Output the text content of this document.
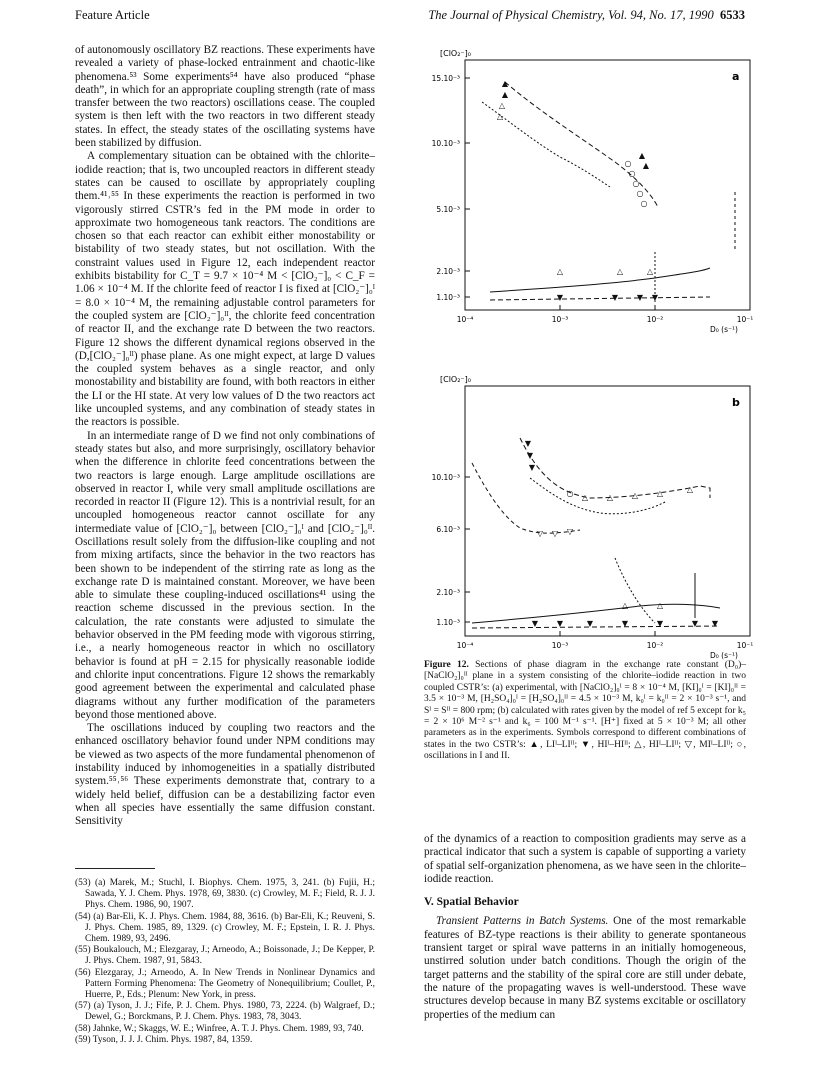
Feature Article	The Journal of Physical Chemistry, Vol. 94, No. 17, 1990 6533

of autonomously oscillatory BZ reactions. These experiments have revealed a variety of phase-locked entrainment and chaotic-like phenomena.⁵³ Some experiments⁵⁴ have also produced “phase death”, in which for an appropriate coupling strength (rate of mass transfer between the two reactors) oscillations cease. The coupled system is then left with the two reactors in two different steady states. In effect, the steady states of the oscillating systems have been stabilized by diffusion.

A complementary situation can be obtained with the chlorite–iodide reaction; that is, two uncoupled reactors in different steady states can be caused to oscillate by appropriately coupling them.⁴¹˒⁵⁵ In these experiments the reaction is performed in two vigorously stirred CSTR’s fed in the PM mode in order to approximate two homogeneous tank reactors. The conditions are chosen so that each reactor can exhibit either monostability or bistability of two steady states, but not oscillation. With the constraint values used in Figure 12, each independent reactor exhibits bistability for C_T = 9.7 × 10⁻⁴ M < [ClO₂⁻]₀ < C_F = 1.06 × 10⁻⁴ M. If the chlorite feed of reactor I is fixed at [ClO₂⁻]₀ᴵ = 8.0 × 10⁻⁴ M, the remaining adjustable control parameters for the coupled system are [ClO₂⁻]₀ᴵᴵ, the chlorite feed concentration of reactor II, and the exchange rate D between the two reactors. Figure 12 shows the different dynamical regions observed in the (D,[ClO₂⁻]₀ᴵᴵ) phase plane. As one might expect, at large D values the coupled system behaves as a single reactor, and only monostability and bistability are found, with both reactors in either the LI or the HI state. At very low values of D the two reactors act like uncoupled systems, and any combination of steady states in the reactors is possible.

In an intermediate range of D we find not only combinations of steady states but also, and more surprisingly, oscillatory behavior when the difference in chlorite feed concentrations between the two reactors is large enough. Large amplitude oscillations are observed in reactor I, while very small amplitude oscillations are recorded in reactor II (Figure 12). This is a nontrivial result, for an uncoupled homogeneous reactor cannot oscillate for any intermediate value of [ClO₂⁻]₀ between [ClO₂⁻]₀ᴵ and [ClO₂⁻]₀ᴵᴵ. Oscillations result solely from the diffusion-like coupling and not from mixing artifacts, since the behavior in the two reactors has been shown to be independent of the stirring rate as long as the exchange rate D is maintained constant. Moreover, we have been able to simulate these coupling-induced oscillations⁴¹ using the reaction scheme discussed in the previous section. In the calculation, the rate constants were adjusted to simulate the behavior observed in the PM feeding mode with vigorous stirring, i.e., a nearly homogeneous reactor in which no oscillatory behavior is found at pH = 2.15 for physically reasonable iodide and chlorite input concentrations. Figure 12 shows the remarkably good agreement between the experimental and calculated phase diagrams without any further modification of the parameters beyond those mentioned above.

The oscillations induced by coupling two reactors and the enhanced oscillatory behavior found under NPM conditions may be viewed as two aspects of the more fundamental phenomenon of instability induced by inhomogeneities in a spatially distributed system.⁵⁵˒⁵⁶ These experiments demonstrate that, contrary to a widely held belief, diffusion can be a destabilizing factor even when all species have essentially the same diffusion constant. Sensitivity

(53) (a) Marek, M.; Stuchl, I. Biophys. Chem. 1975, 3, 241. (b) Fujii, H.; Sawada, Y. J. Chem. Phys. 1978, 69, 3830. (c) Crowley, M. F.; Field, R. J. J. Phys. Chem. 1986, 90, 1907.

(54) (a) Bar-Eli, K. J. Phys. Chem. 1984, 88, 3616. (b) Bar-Eli, K.; Reuveni, S. J. Phys. Chem. 1985, 89, 1329. (c) Crowley, M. F.; Epstein, I. R. J. Phys. Chem. 1989, 93, 2496.

(55) Boukalouch, M.; Elezgaray, J.; Arneodo, A.; Boissonade, J.; De Kepper, P. J. Phys. Chem. 1987, 91, 5843.

(56) Elezgaray, J.; Arneodo, A. In New Trends in Nonlinear Dynamics and Pattern Forming Phenomena: The Geometry of Nonequilibrium; Coullet, P., Huerre, P., Eds.; Plenum: New York, in press.

(57) (a) Tyson, J. J.; Fife, P. J. Chem. Phys. 1980, 73, 2224. (b) Walgraef, D.; Dewel, G.; Borckmans, P. J. Chem. Phys. 1983, 78, 3043.

(58) Jahnke, W.; Skaggs, W. E.; Winfree, A. T. J. Phys. Chem. 1989, 93, 740.

(59) Tyson, J. J. J. Chim. Phys. 1987, 84, 1359.

[ClO₂⁻]₀
a
15.10⁻³
10.10⁻³
5.10⁻³
2.10⁻³
1.10⁻³
10⁻⁴	10⁻³	10⁻²	10⁻¹
D₀ (s⁻¹)
▲
▲
△
△
○
○
○
○
○
▲
▲
△	△	△
▼	▼ ▼ ▼
[ClO₂⁻]₀
b
10.10⁻³
6.10⁻³
2.10⁻³
1.10⁻³
10⁻⁴	10⁻³	10⁻²	10⁻¹
D₀ (s⁻¹)
▼
▼
▼
○ △ △ △ △	△
▽ ▽ ▽
▼ ▼	▼	▼	▼	▼ ▼
△	△
Figure 12. Sections of phase diagram in the exchange rate constant (D₀)–[NaClO₂]₀ᴵᴵ plane in a system consisting of the chlorite–iodide reaction in two coupled CSTR’s: (a) experimental, with [NaClO₂]₀ᴵ = 8 × 10⁻⁴ M, [KI]₀ᴵ = [KI]₀ᴵᴵ = 3.5 × 10⁻³ M, [H₂SO₄]₀ᴵ = [H₂SO₄]₀ᴵᴵ = 4.5 × 10⁻³ M, k₀ᴵ = k₀ᴵᴵ = 2 × 10⁻³ s⁻¹, and Sᴵ = Sᴵᴵ = 800 rpm; (b) calculated with rates given by the model of ref 5 except for k₅ = 2 × 10⁶ M⁻² s⁻¹ and k₆ = 100 M⁻¹ s⁻¹. [H⁺] fixed at 5 × 10⁻³ M; all other parameters as in the experiments. Symbols correspond to different combinations of states in the two CSTR’s: ▲, LIᴵ–LIᴵᴵ; ▼, HIᴵ–HIᴵᴵ; △, HIᴵ–LIᴵᴵ; ▽, MIᴵ–LIᴵᴵ; ○, oscillations in I and II.

of the dynamics of a reaction to composition gradients may serve as a practical indicator that such a system is capable of supporting a variety of spatial self-organization phenomena, as we have seen in the chlorite–iodide reaction.

V. Spatial Behavior

Transient Patterns in Batch Systems. One of the most remarkable features of BZ-type reactions is their ability to generate spontaneous transient target or spiral wave patterns in an initially homogeneous, unstirred solution under batch conditions. Though the origin of the target patterns and the stability of the spiral core are still under debate, the nature of the propagating waves is well-understood. These wave structures develop because in many BZ systems excitable or oscillatory properties of the medium can
